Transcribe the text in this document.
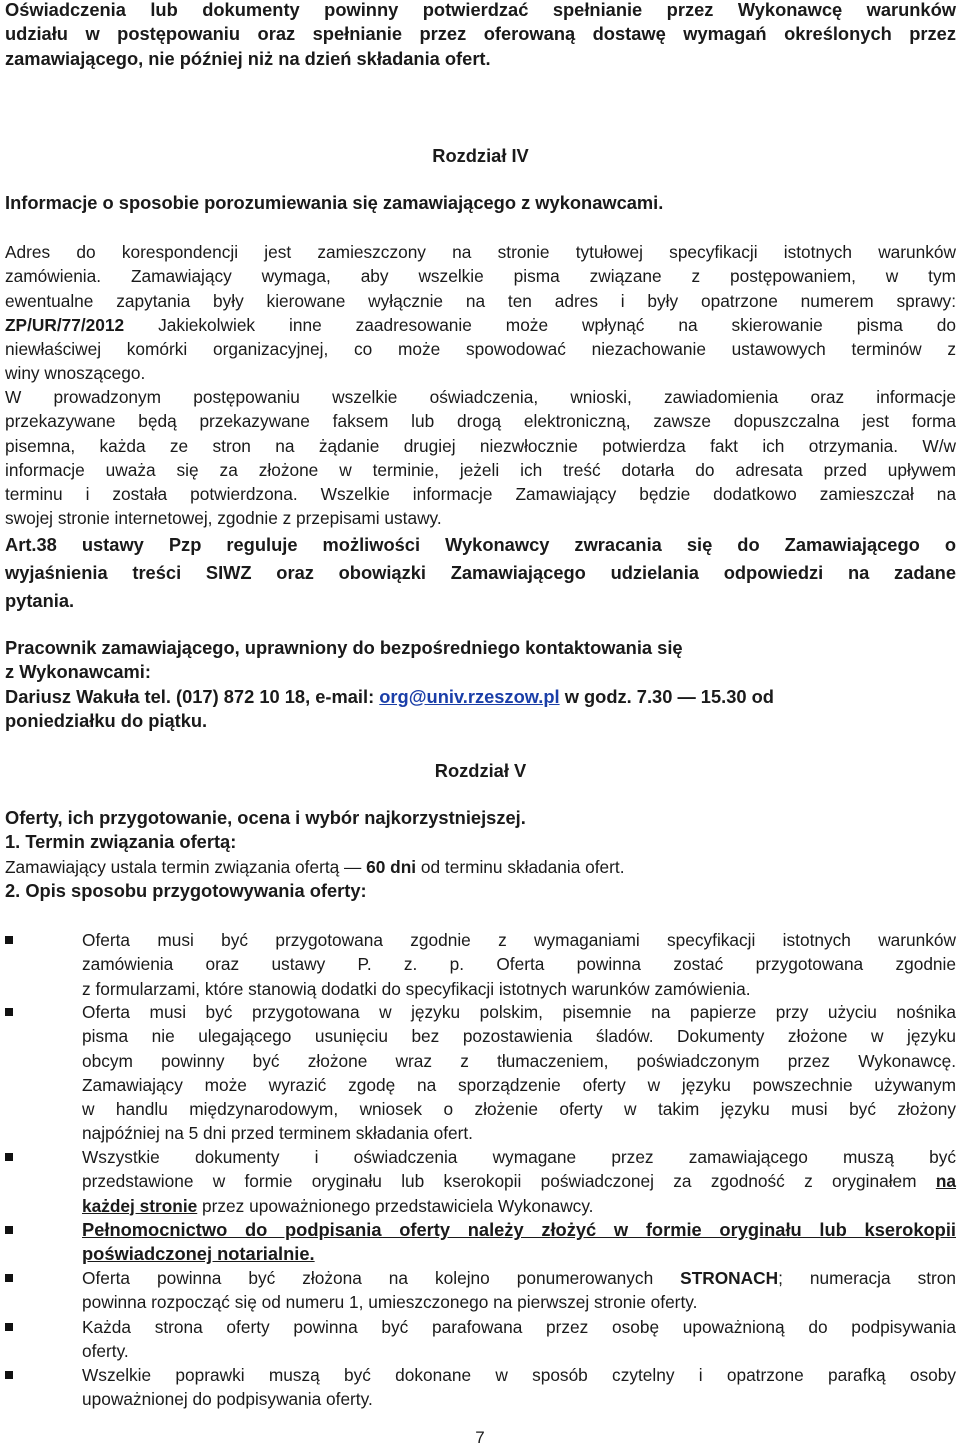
Oświadczenia lub dokumenty powinny potwierdzać spełnianie przez Wykonawcę warunków
udziału w postępowaniu oraz spełnianie przez oferowaną dostawę wymagań określonych przez
zamawiającego, nie później niż na dzień składania ofert.
Rozdział IV
Informacje o sposobie porozumiewania się zamawiającego z wykonawcami.
Adres do korespondencji jest zamieszczony na stronie tytułowej specyfikacji istotnych warunków
zamówienia. Zamawiający wymaga, aby wszelkie pisma związane z postępowaniem, w tym
ewentualne zapytania były kierowane wyłącznie na ten adres i były opatrzone numerem sprawy:
ZP/UR/77/2012 Jakiekolwiek inne zaadresowanie może wpłynąć na skierowanie pisma do
niewłaściwej komórki organizacyjnej, co może spowodować niezachowanie ustawowych terminów z
winy wnoszącego.
W prowadzonym postępowaniu wszelkie oświadczenia, wnioski, zawiadomienia oraz informacje
przekazywane będą przekazywane faksem lub drogą elektroniczną, zawsze dopuszczalna jest forma
pisemna, każda ze stron na żądanie drugiej niezwłocznie potwierdza fakt ich otrzymania. W/w
informacje uważa się za złożone w terminie, jeżeli ich treść dotarła do adresata przed upływem
terminu i została potwierdzona. Wszelkie informacje Zamawiający będzie dodatkowo zamieszczał na
swojej stronie internetowej, zgodnie z przepisami ustawy.
Art.38 ustawy Pzp reguluje możliwości Wykonawcy zwracania się do Zamawiającego o
wyjaśnienia treści SIWZ oraz obowiązki Zamawiającego udzielania odpowiedzi na zadane
pytania.
Pracownik zamawiającego, uprawniony do bezpośredniego kontaktowania się
z Wykonawcami:
Dariusz Wakuła tel. (017) 872 10 18, e-mail: org@univ.rzeszow.pl w godz. 7.30 — 15.30 od
poniedziałku do piątku.
Rozdział V
Oferty, ich przygotowanie, ocena i wybór najkorzystniejszej.
1. Termin związania ofertą:
Zamawiający ustala termin związania ofertą — 60 dni od terminu składania ofert.
2. Opis sposobu przygotowywania oferty:
Oferta musi być przygotowana zgodnie z wymaganiami specyfikacji istotnych warunków
zamówienia oraz ustawy P. z. p. Oferta powinna zostać przygotowana zgodnie
z formularzami, które stanowią dodatki do specyfikacji istotnych warunków zamówienia.
Oferta musi być przygotowana w języku polskim, pisemnie na papierze przy użyciu nośnika
pisma nie ulegającego usunięciu bez pozostawienia śladów. Dokumenty złożone w języku
obcym powinny być złożone wraz z tłumaczeniem, poświadczonym przez Wykonawcę.
Zamawiający może wyrazić zgodę na sporządzenie oferty w języku powszechnie używanym
w handlu międzynarodowym, wniosek o złożenie oferty w takim języku musi być złożony
najpóźniej na 5 dni przed terminem składania ofert.
Wszystkie dokumenty i oświadczenia wymagane przez zamawiającego muszą być
przedstawione w formie oryginału lub kserokopii poświadczonej za zgodność z oryginałem na
każdej stronie przez upoważnionego przedstawiciela Wykonawcy.
Pełnomocnictwo do podpisania oferty należy złożyć w formie oryginału lub kserokopii
poświadczonej notarialnie.
Oferta powinna być złożona na kolejno ponumerowanych STRONACH; numeracja stron
powinna rozpocząć się od numeru 1, umieszczonego na pierwszej stronie oferty.
Każda strona oferty powinna być parafowana przez osobę upoważnioną do podpisywania
oferty.
Wszelkie poprawki muszą być dokonane w sposób czytelny i opatrzone parafką osoby
upoważnionej do podpisywania oferty.
7
